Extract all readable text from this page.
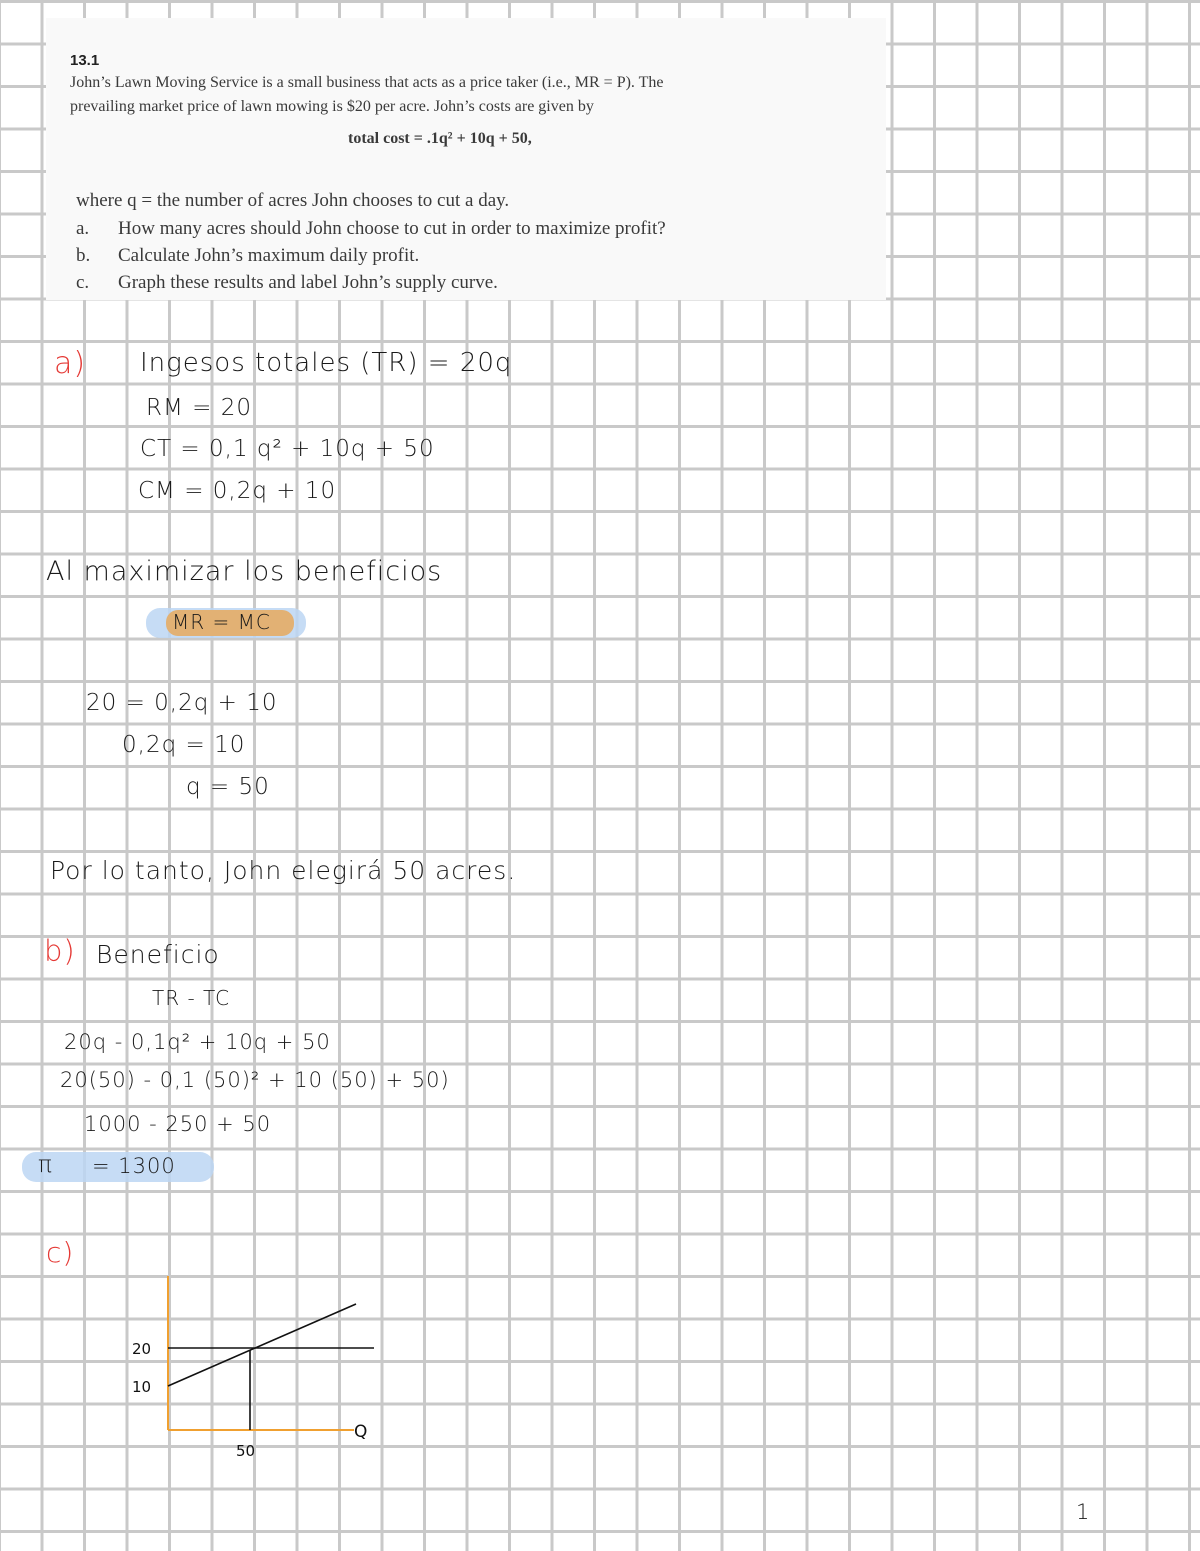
13.1
John’s Lawn Moving Service is a small business that acts as a price taker (i.e., MR = P). The
prevailing market price of lawn mowing is $20 per acre. John’s costs are given by
total cost = .1q² + 10q + 50,
where q = the number of acres John chooses to cut a day.
a. How many acres should John choose to cut in order to maximize profit?
b. Calculate John’s maximum daily profit.
c. Graph these results and label John’s supply curve.
a) Ingesos totales (TR) = 20q
RM = 20
CT = 0,1 q² + 10q + 50
CM = 0,2q + 10
Al maximizar los beneficios
MR = MC
20 = 0,2q + 10
0,2q = 10
q = 50
Por lo tanto, John elegirá 50 acres.
b) Beneficio
TR - TC
20q - 0,1q² + 10q + 50
20(50) - 0,1 (50)² + 10 (50) + 50)
1000 - 250 + 50
π = 1300
c)
20
10
50
Q
1
